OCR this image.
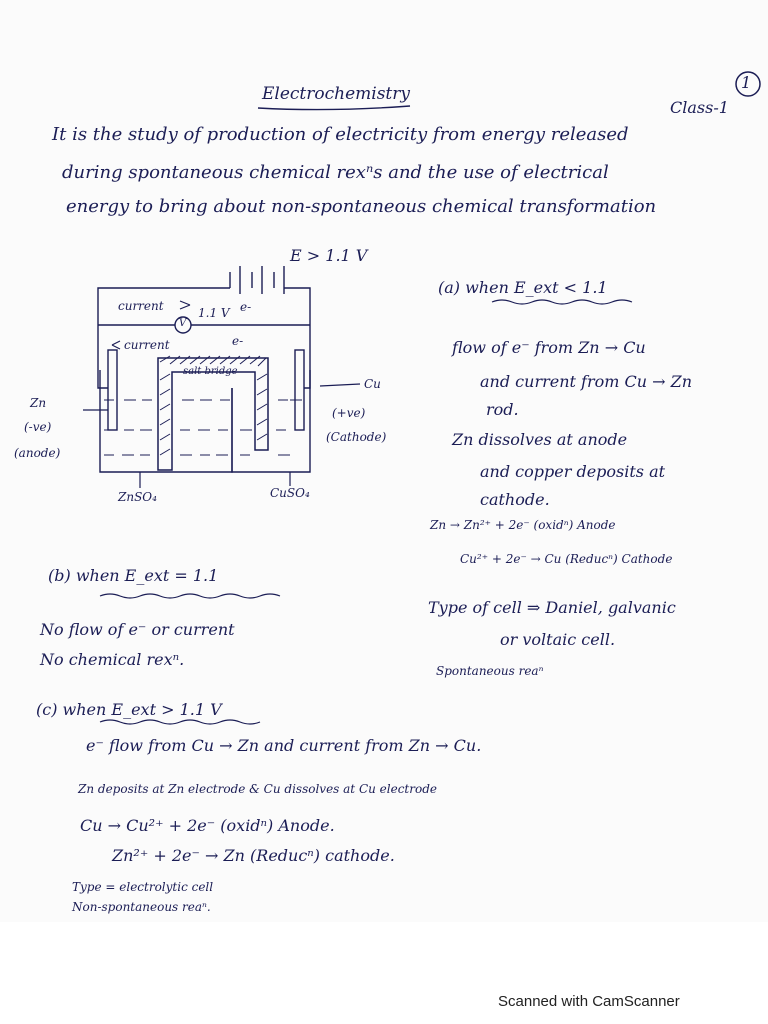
1
Electrochemistry
Class-1
It is the study of production of electricity from energy released
during spontaneous chemical rexⁿs and the use of electrical
energy to bring about non-spontaneous chemical transformation
E > 1.1 V
current
V
1.1 V e-
current	e-
salt bridge
Zn
(-ve)
(anode)
Cu
(+ve)
(Cathode)
ZnSO₄	CuSO₄
(a) when E_ext < 1.1
flow of e⁻ from Zn → Cu
and current from Cu → Zn
rod.
Zn dissolves at anode
and copper deposits at
cathode.
Zn → Zn²⁺ + 2e⁻ (oxidⁿ) Anode
Cu²⁺ + 2e⁻ → Cu (Reducⁿ) Cathode
Type of cell ⇒ Daniel, galvanic
or voltaic cell.
Spontaneous reaⁿ
(b) when E_ext = 1.1
No flow of e⁻ or current
No chemical rexⁿ.
(c) when E_ext > 1.1 V
e⁻ flow from Cu → Zn and current from Zn → Cu.
Zn deposits at Zn electrode & Cu dissolves at Cu electrode
Cu → Cu²⁺ + 2e⁻ (oxidⁿ) Anode.
Zn²⁺ + 2e⁻ → Zn (Reducⁿ) cathode.
Type = electrolytic cell
Non-spontaneous reaⁿ.
Scanned with CamScanner
